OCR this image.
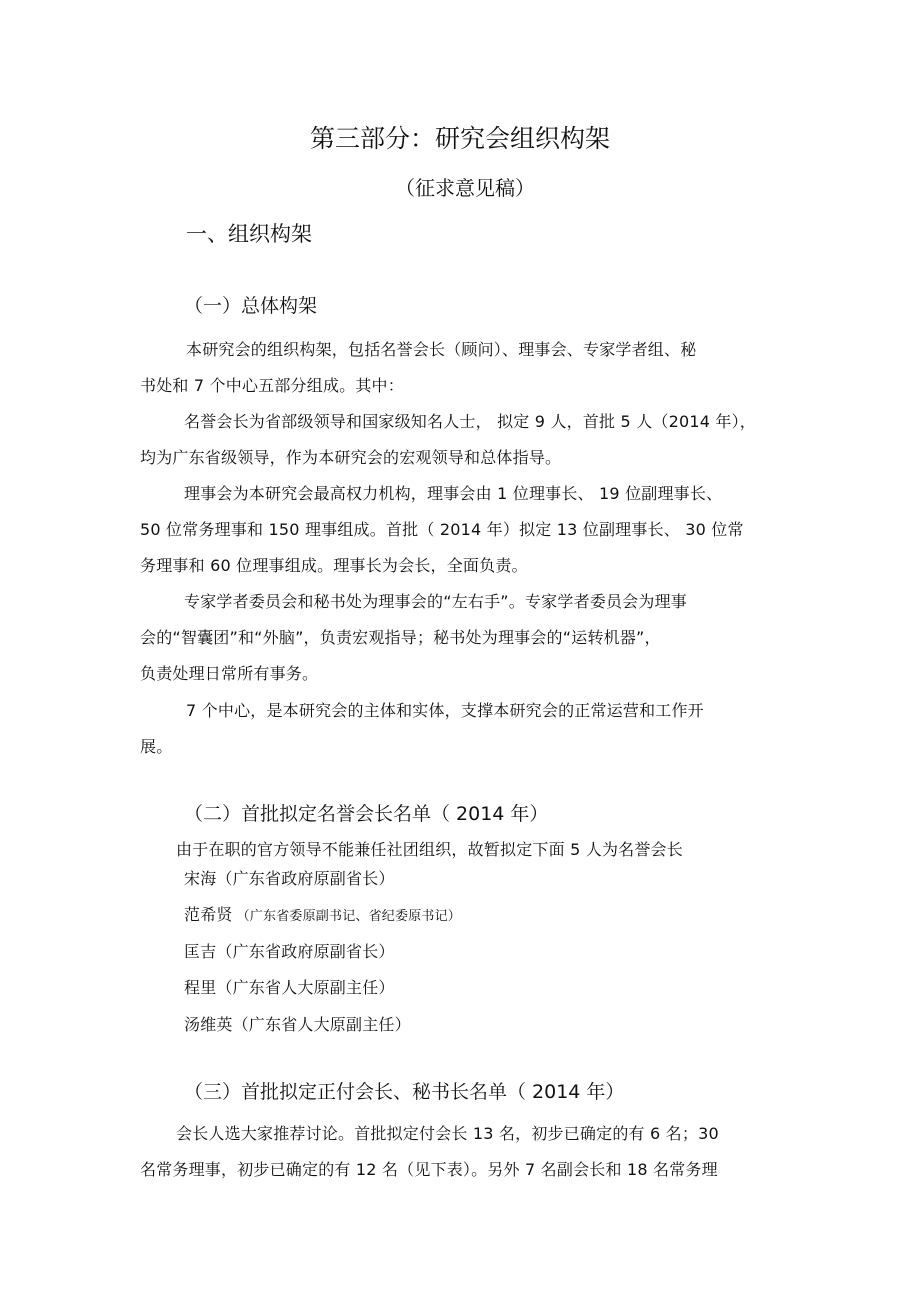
第三部分：研究会组织构架
（征求意见稿）
一、组织构架
（一）总体构架
本研究会的组织构架，包括名誉会长（顾问）、理事会、专家学者组、秘
书处和 7 个中心五部分组成。其中：
名誉会长为省部级领导和国家级知名人士， 拟定 9 人，首批 5 人（2014 年），
均为广东省级领导，作为本研究会的宏观领导和总体指导。
理事会为本研究会最高权力机构，理事会由 1 位理事长、 19 位副理事长、
50 位常务理事和 150 理事组成。首批（ 2014 年）拟定 13 位副理事长、 30 位常
务理事和 60 位理事组成。理事长为会长，全面负责。
专家学者委员会和秘书处为理事会的“左右手”。专家学者委员会为理事
会的“智囊团”和“外脑”，负责宏观指导；秘书处为理事会的“运转机器”，
负责处理日常所有事务。
7 个中心，是本研究会的主体和实体，支撑本研究会的正常运营和工作开
展。
（二）首批拟定名誉会长名单（ 2014 年）
由于在职的官方领导不能兼任社团组织，故暂拟定下面 5 人为名誉会长
宋海（广东省政府原副省长）
范希贤 （广东省委原副书记、省纪委原书记）
匡吉（广东省政府原副省长）
程里（广东省人大原副主任）
汤维英（广东省人大原副主任）
（三）首批拟定正付会长、秘书长名单（ 2014 年）
会长人选大家推荐讨论。首批拟定付会长 13 名，初步已确定的有 6 名；30
名常务理事，初步已确定的有 12 名（见下表）。另外 7 名副会长和 18 名常务理
